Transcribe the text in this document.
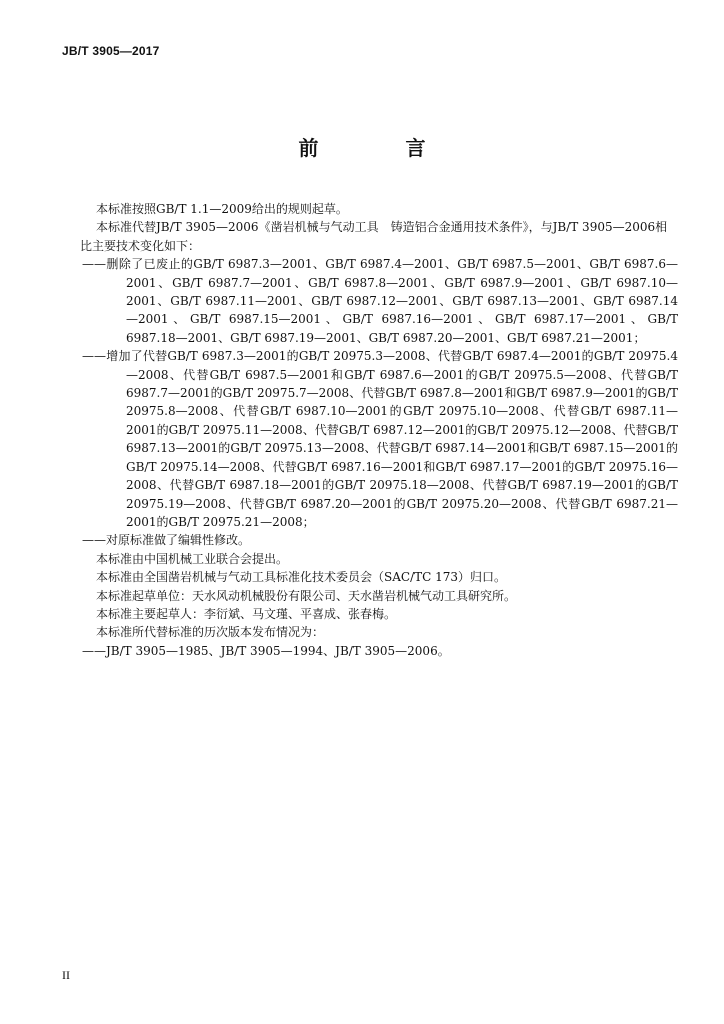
JB/T 3905—2017
前 言

本标准按照GB/T 1.1—2009给出的规则起草。

本标准代替JB/T 3905—2006《凿岩机械与气动工具　铸造铝合金通用技术条件》，与JB/T 3905—2006相比主要技术变化如下：

——删除了已废止的GB/T 6987.3—2001、GB/T 6987.4—2001、GB/T 6987.5—2001、GB/T 6987.6—2001、GB/T 6987.7—2001、GB/T 6987.8—2001、GB/T 6987.9—2001、GB/T 6987.10—2001、GB/T 6987.11—2001、GB/T 6987.12—2001、GB/T 6987.13—2001、GB/T 6987.14—2001、GB/T 6987.15—2001、GB/T 6987.16—2001、GB/T 6987.17—2001、GB/T 6987.18—2001、GB/T 6987.19—2001、GB/T 6987.20—2001、GB/T 6987.21—2001；

——增加了代替GB/T 6987.3—2001的GB/T 20975.3—2008、代替GB/T 6987.4—2001的GB/T 20975.4—2008、代替GB/T 6987.5—2001和GB/T 6987.6—2001的GB/T 20975.5—2008、代替GB/T 6987.7—2001的GB/T 20975.7—2008、代替GB/T 6987.8—2001和GB/T 6987.9—2001的GB/T 20975.8—2008、代替GB/T 6987.10—2001的GB/T 20975.10—2008、代替GB/T 6987.11—2001的GB/T 20975.11—2008、代替GB/T 6987.12—2001的GB/T 20975.12—2008、代替GB/T 6987.13—2001的GB/T 20975.13—2008、代替GB/T 6987.14—2001和GB/T 6987.15—2001的GB/T 20975.14—2008、代替GB/T 6987.16—2001和GB/T 6987.17—2001的GB/T 20975.16—2008、代替GB/T 6987.18—2001的GB/T 20975.18—2008、代替GB/T 6987.19—2001的GB/T 20975.19—2008、代替GB/T 6987.20—2001的GB/T 20975.20—2008、代替GB/T 6987.21—2001的GB/T 20975.21—2008；

——对原标准做了编辑性修改。

本标准由中国机械工业联合会提出。

本标准由全国凿岩机械与气动工具标准化技术委员会（SAC/TC 173）归口。

本标准起草单位：天水风动机械股份有限公司、天水凿岩机械气动工具研究所。

本标准主要起草人：李衍斌、马文瑾、平喜成、张春梅。

本标准所代替标准的历次版本发布情况为：

——JB/T 3905—1985、JB/T 3905—1994、JB/T 3905—2006。

II
